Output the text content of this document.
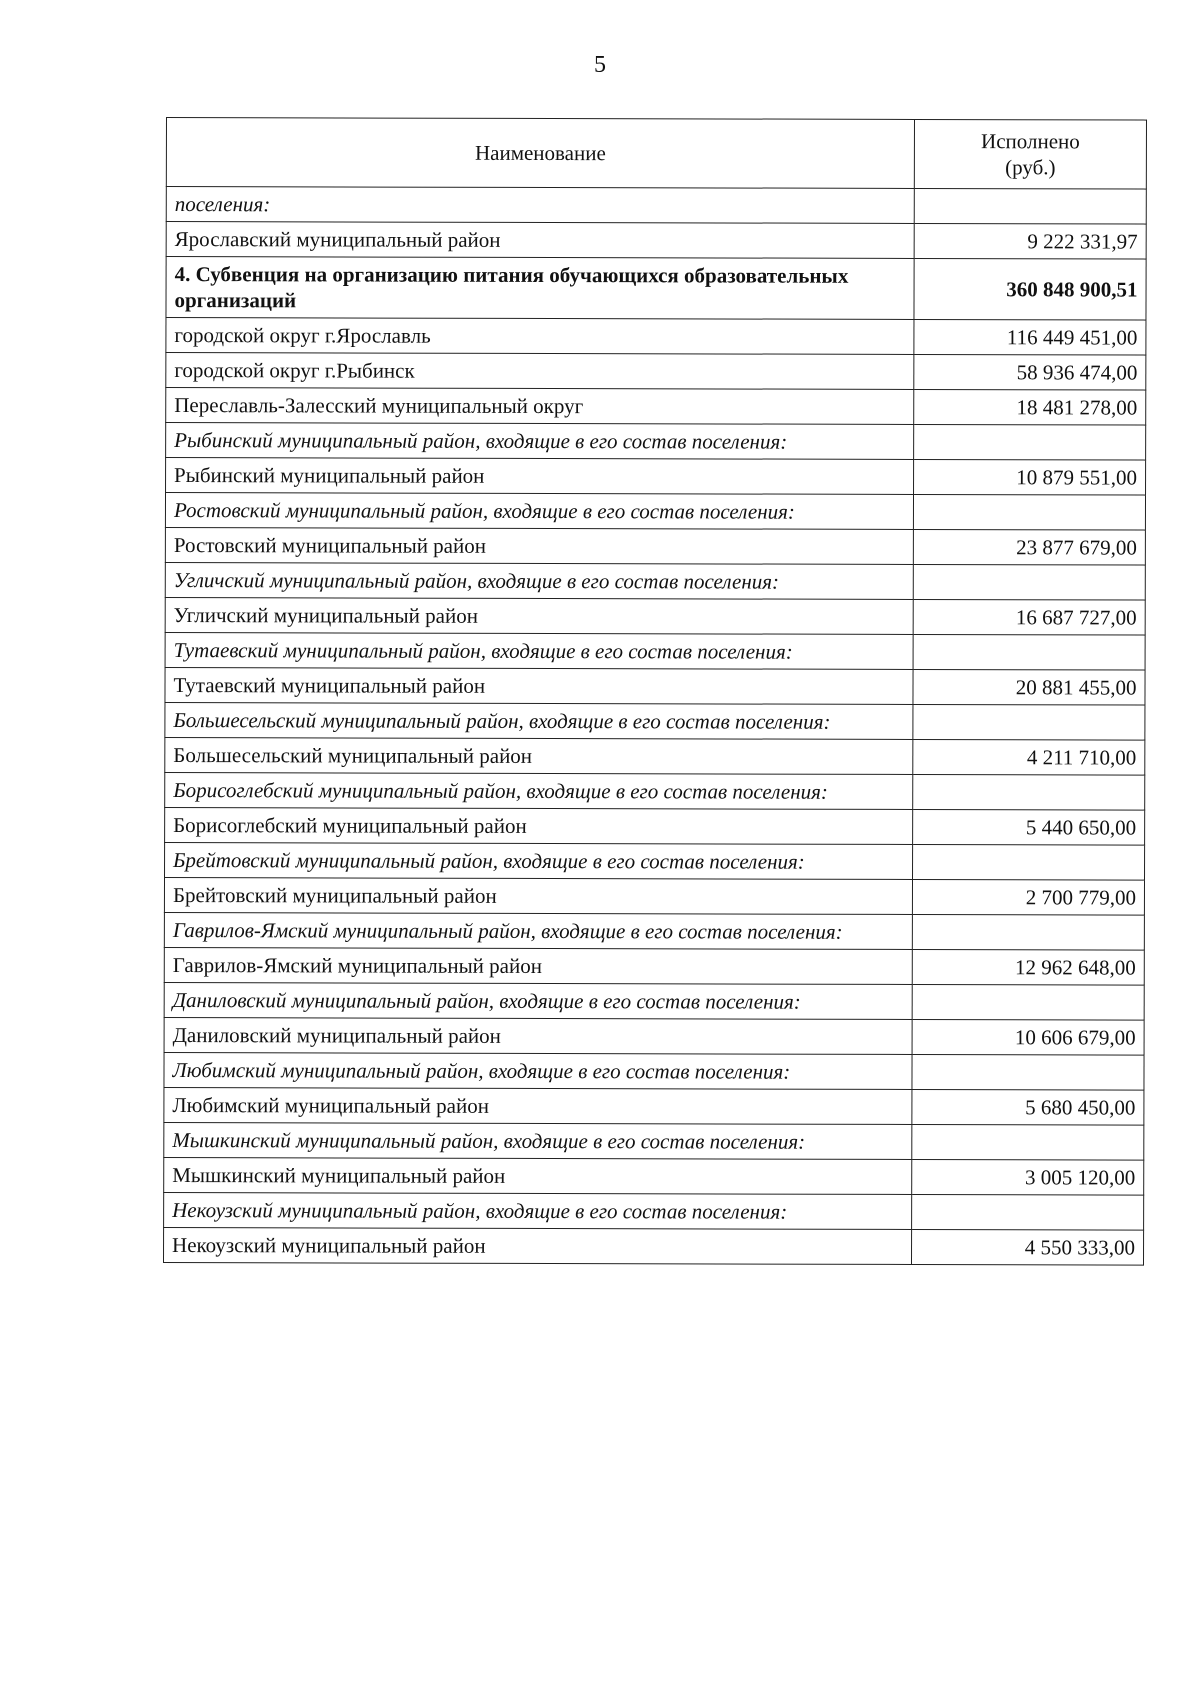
5
Наименование	Исполнено
(руб.)
поселения:	
Ярославский муниципальный район	9 222 331,97
4. Субвенция на организацию питания обучающихся образовательных организаций	360 848 900,51
городской округ г.Ярославль	116 449 451,00
городской округ г.Рыбинск	58 936 474,00
Переславль-Залесский муниципальный округ	18 481 278,00
Рыбинский муниципальный район, входящие в его состав поселения:	
Рыбинский муниципальный район	10 879 551,00
Ростовский муниципальный район, входящие в его состав поселения:	
Ростовский муниципальный район	23 877 679,00
Угличский муниципальный район, входящие в его состав поселения:	
Угличский муниципальный район	16 687 727,00
Тутаевский муниципальный район, входящие в его состав поселения:	
Тутаевский муниципальный район	20 881 455,00
Большесельский муниципальный район, входящие в его состав поселения:	
Большесельский муниципальный район	4 211 710,00
Борисоглебский муниципальный район, входящие в его состав поселения:	
Борисоглебский муниципальный район	5 440 650,00
Брейтовский муниципальный район, входящие в его состав поселения:	
Брейтовский муниципальный район	2 700 779,00
Гаврилов-Ямский муниципальный район, входящие в его состав поселения:	
Гаврилов-Ямский муниципальный район	12 962 648,00
Даниловский муниципальный район, входящие в его состав поселения:	
Даниловский муниципальный район	10 606 679,00
Любимский муниципальный район, входящие в его состав поселения:	
Любимский муниципальный район	5 680 450,00
Мышкинский муниципальный район, входящие в его состав поселения:	
Мышкинский муниципальный район	3 005 120,00
Некоузский муниципальный район, входящие в его состав поселения:	
Некоузский муниципальный район	4 550 333,00
